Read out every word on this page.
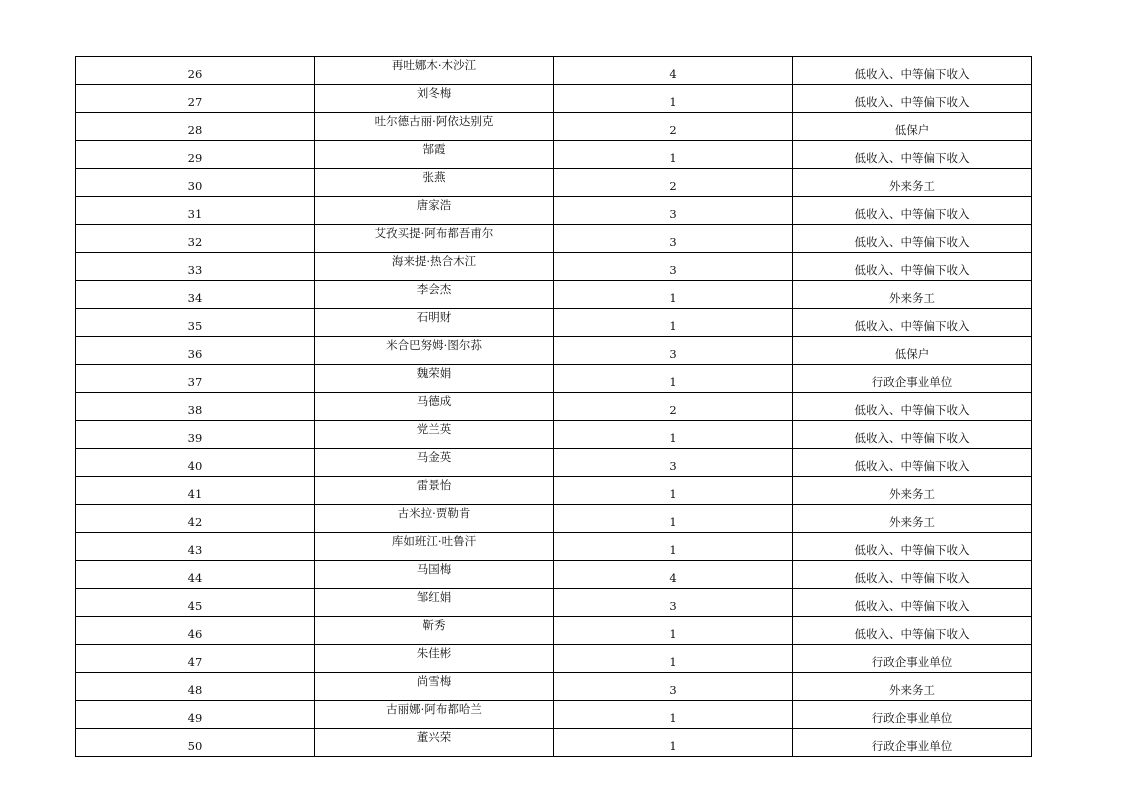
26	再吐娜木·木沙江	4	低收入、中等偏下收入
27	刘冬梅	1	低收入、中等偏下收入
28	吐尔德古丽·阿依达别克	2	低保户
29	郜霞	1	低收入、中等偏下收入
30	张燕	2	外来务工
31	唐家浩	3	低收入、中等偏下收入
32	艾孜买提·阿布都吾甫尔	3	低收入、中等偏下收入
33	海来提·热合木江	3	低收入、中等偏下收入
34	李会杰	1	外来务工
35	石明财	1	低收入、中等偏下收入
36	米合巴努姆·图尔荪	3	低保户
37	魏荣娟	1	行政企事业单位
38	马德成	2	低收入、中等偏下收入
39	党兰英	1	低收入、中等偏下收入
40	马金英	3	低收入、中等偏下收入
41	雷景怡	1	外来务工
42	古米拉·贾勒肯	1	外来务工
43	库如班江·吐鲁汗	1	低收入、中等偏下收入
44	马国梅	4	低收入、中等偏下收入
45	邹红娟	3	低收入、中等偏下收入
46	靳秀	1	低收入、中等偏下收入
47	朱佳彬	1	行政企事业单位
48	尚雪梅	3	外来务工
49	古丽娜·阿布都哈兰	1	行政企事业单位
50	董兴荣	1	行政企事业单位
